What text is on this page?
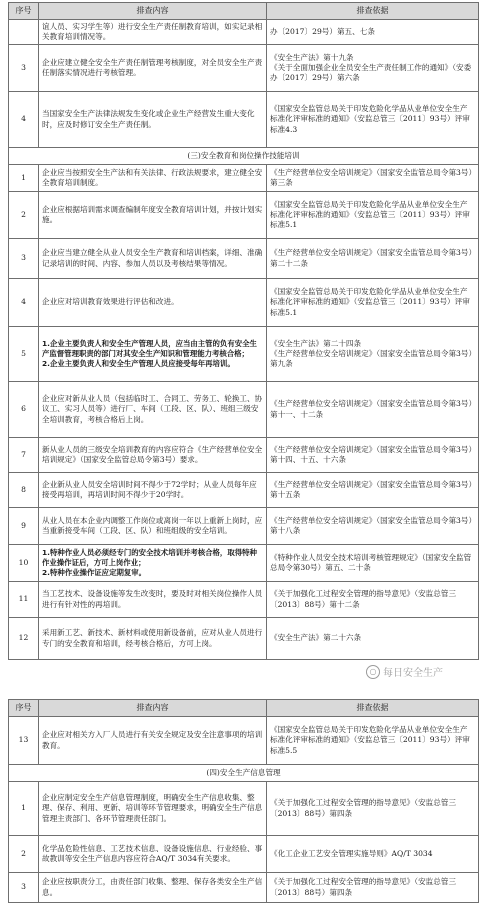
序号	排查内容	排查依据
	谊人员、实习学生等）进行安全生产责任制教育培训，如实记录相关教育培训情况等。	办〔2017〕29号）第五、七条
3	企业应建立健全安全生产责任制管理考核制度，对全员安全生产责任制落实情况进行考核管理。	《安全生产法》第十九条
《关于全面加强企业全员安全生产责任制工作的通知》（安委办〔2017〕29号）第六条
4	当国家安全生产法律法规发生变化或企业生产经营发生重大变化时，应及时修订安全生产责任制。	《国家安全监管总局关于印发危险化学品从业单位安全生产标准化评审标准的通知》（安监总管三〔2011〕93号）评审标准4.3
(三)安全教育和岗位操作技能培训		
1	企业应当按照安全生产法和有关法律、行政法规要求，建立健全安全教育培训制度。	《生产经营单位安全培训规定》（国家安全监管总局令第3号）第三条
2	企业应根据培训需求调查编制年度安全教育培训计划，并按计划实施。	《国家安全监管总局关于印发危险化学品从业单位安全生产标准化评审标准的通知》（安监总管三〔2011〕93号）评审标准5.1
3	企业应当建立健全从业人员安全生产教育和培训档案，详细、准确记录培训的时间、内容、参加人员以及考核结果等情况。	《生产经营单位安全培训规定》（国家安全监管总局令第3号）第二十二条
4	企业应对培训教育效果进行评估和改进。	《国家安全监管总局关于印发危险化学品从业单位安全生产标准化评审标准的通知》（安监总管三〔2011〕93号）评审标准5.1
5	1.企业主要负责人和安全生产管理人员，应当由主管的负有安全生产监督管理职责的部门对其安全生产知识和管理能力考核合格；
2.企业主要负责人和安全生产管理人员应接受每年再培训。	《安全生产法》第二十四条
《生产经营单位安全培训规定》（国家安全监管总局令第3号）第九条
6	企业应对新从业人员（包括临时工、合同工、劳务工、轮换工、协议工、实习人员等）进行厂、车间（工段、区、队）、班组三级安全培训教育，考核合格后上岗。	《生产经营单位安全培训规定》（国家安全监管总局令第3号）第十一、十二条
7	新从业人员的三级安全培训教育的内容应符合《生产经营单位安全培训规定》（国家安全监管总局令第3号）要求。	《生产经营单位安全培训规定》（国家安全监管总局令第3号）第十四、十五、十六条
8	企业新从业人员安全培训时间不得少于72学时；从业人员每年应接受再培训，再培训时间不得少于20学时。	《生产经营单位安全培训规定》（国家安全监管总局令第3号）第十五条
9	从业人员在本企业内调整工作岗位或离岗一年以上重新上岗时，应当重新接受车间（工段、区、队）和班组级的安全培训。	《生产经营单位安全培训规定》（国家安全监管总局令第3号）第十八条
10	1.特种作业人员必须经专门的安全技术培训并考核合格，取得特种作业操作证后，方可上岗作业；
2.特种作业操作证应定期复审。	《特种作业人员安全技术培训考核管理规定》（国家安全监管总局令第30号）第五、二十条
11	当工艺技术、设备设施等发生改变时，要及时对相关岗位操作人员进行有针对性的再培训。	《关于加强化工过程安全管理的指导意见》（安监总管三〔2013〕88号）第十二条
12	采用新工艺、新技术、新材料或使用新设备前，应对从业人员进行专门的安全教育和培训，经考核合格后，方可上岗。	《安全生产法》第二十六条
○ 每日安全生产
序号	排查内容	排查依据
13	企业应对相关方入厂人员进行有关安全规定及安全注意事项的培训教育。	《国家安全监管总局关于印发危险化学品从业单位安全生产标准化评审标准的通知》（安监总管三〔2011〕93号）评审标准5.5
(四)安全生产信息管理		
1	企业应制定安全生产信息管理制度，明确安全生产信息收集、整理、保存、利用、更新、培训等环节管理要求，明确安全生产信息管理主责部门、各环节管理责任部门。	《关于加强化工过程安全管理的指导意见》（安监总管三〔2013〕88号）第四条
2	化学品危险性信息、工艺技术信息、设备设施信息、行业经验、事故教训等安全生产信息内容应符合AQ/T 3034有关要求。	《化工企业工艺安全管理实施导则》AQ/T 3034
3	企业应按职责分工，由责任部门收集、整理、保存各类安全生产信息。	《关于加强化工过程安全管理的指导意见》（安监总管三〔2013〕88号）第四条
